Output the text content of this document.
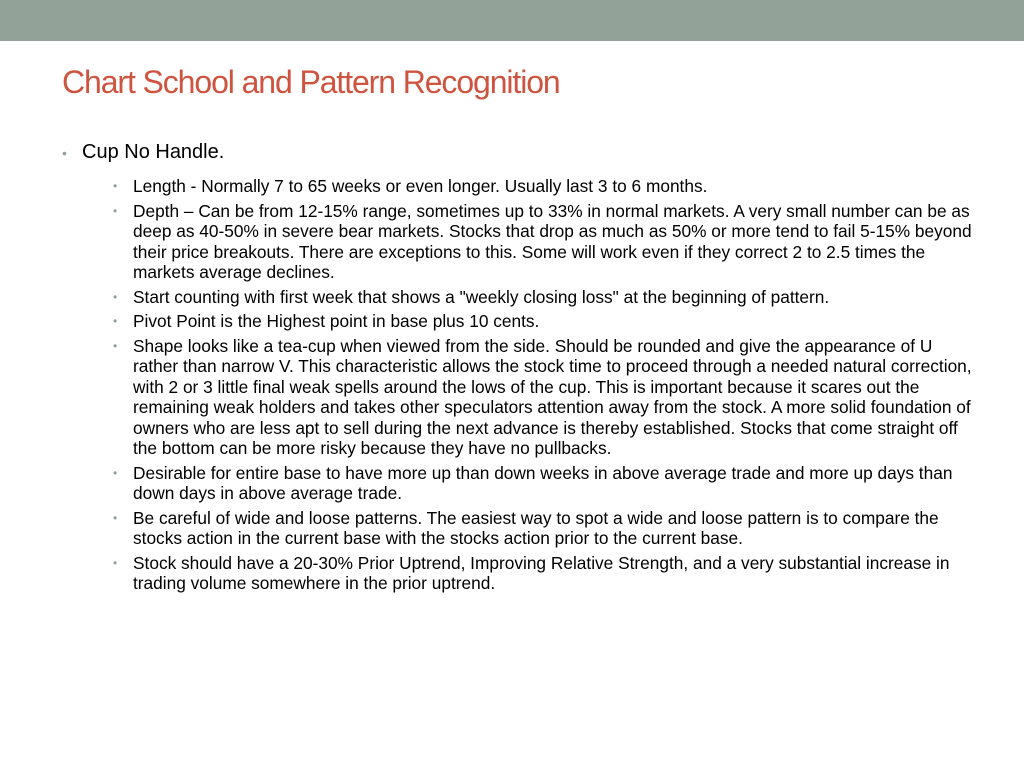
Chart School and Pattern Recognition
• Cup No Handle.
• Length - Normally 7 to 65 weeks or even longer. Usually last 3 to 6 months.
• Depth – Can be from 12-15% range, sometimes up to 33% in normal markets. A very small number can be as deep as 40-50% in severe bear markets. Stocks that drop as much as 50% or more tend to fail 5-15% beyond their price breakouts. There are exceptions to this. Some will work even if they correct 2 to 2.5 times the markets average declines.
• Start counting with first week that shows a "weekly closing loss" at the beginning of pattern.
• Pivot Point is the Highest point in base plus 10 cents.
• Shape looks like a tea-cup when viewed from the side. Should be rounded and give the appearance of U rather than narrow V. This characteristic allows the stock time to proceed through a needed natural correction, with 2 or 3 little final weak spells around the lows of the cup. This is important because it scares out the remaining weak holders and takes other speculators attention away from the stock. A more solid foundation of owners who are less apt to sell during the next advance is thereby established. Stocks that come straight off the bottom can be more risky because they have no pullbacks.
• Desirable for entire base to have more up than down weeks in above average trade and more up days than down days in above average trade.
• Be careful of wide and loose patterns. The easiest way to spot a wide and loose pattern is to compare the stocks action in the current base with the stocks action prior to the current base.
• Stock should have a 20-30% Prior Uptrend, Improving Relative Strength, and a very substantial increase in trading volume somewhere in the prior uptrend.
